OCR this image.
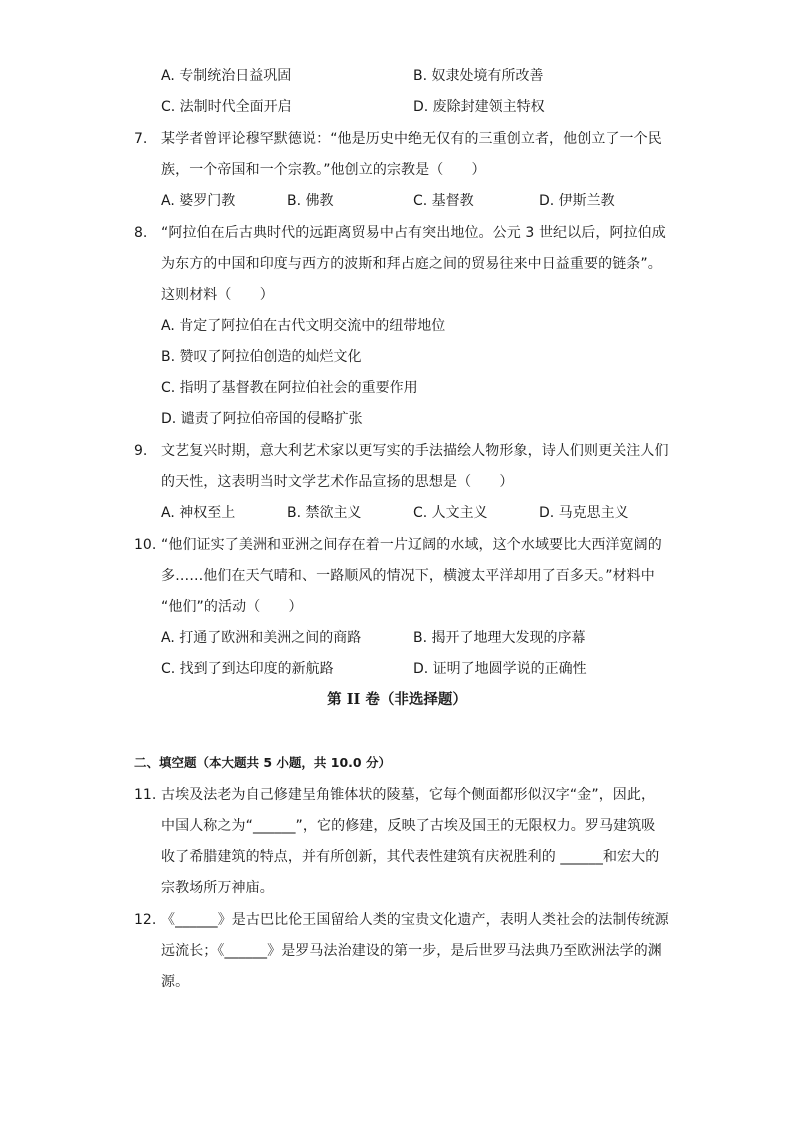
A. 专制统治日益巩固	B. 奴隶处境有所改善
C. 法制时代全面开启	D. 废除封建领主特权
7. 某学者曾评论穆罕默德说：“他是历史中绝无仅有的三重创立者，他创立了一个民
族，一个帝国和一个宗教。”他创立的宗教是（　　）
A. 婆罗门教	B. 佛教	C. 基督教	D. 伊斯兰教
8. “阿拉伯在后古典时代的远距离贸易中占有突出地位。公元 3 世纪以后，阿拉伯成
为东方的中国和印度与西方的波斯和拜占庭之间的贸易往来中日益重要的链条”。
这则材料（　　）
A. 肯定了阿拉伯在古代文明交流中的纽带地位
B. 赞叹了阿拉伯创造的灿烂文化
C. 指明了基督教在阿拉伯社会的重要作用
D. 谴责了阿拉伯帝国的侵略扩张
9. 文艺复兴时期，意大利艺术家以更写实的手法描绘人物形象，诗人们则更关注人们
的天性，这表明当时文学艺术作品宣扬的思想是（　　）
A. 神权至上	B. 禁欲主义	C. 人文主义	D. 马克思主义
10. “他们证实了美洲和亚洲之间存在着一片辽阔的水域，这个水域要比大西洋宽阔的
多……他们在天气晴和、一路顺风的情况下，横渡太平洋却用了百多天。”材料中
“他们”的活动（　　）
A. 打通了欧洲和美洲之间的商路	B. 揭开了地理大发现的序幕
C. 找到了到达印度的新航路	D. 证明了地圆学说的正确性
第 II 卷（非选择题）
二、填空题（本大题共 5 小题，共 10.0 分）
11. 古埃及法老为自己修建呈角锥体状的陵墓，它每个侧面都形似汉字“金”，因此，
中国人称之为“______”，它的修建，反映了古埃及国王的无限权力。罗马建筑吸
收了希腊建筑的特点，并有所创新，其代表性建筑有庆祝胜利的 ______和宏大的
宗教场所万神庙。
12. 《______》是古巴比伦王国留给人类的宝贵文化遗产，表明人类社会的法制传统源
远流长；《______》是罗马法治建设的第一步，是后世罗马法典乃至欧洲法学的渊
源。
